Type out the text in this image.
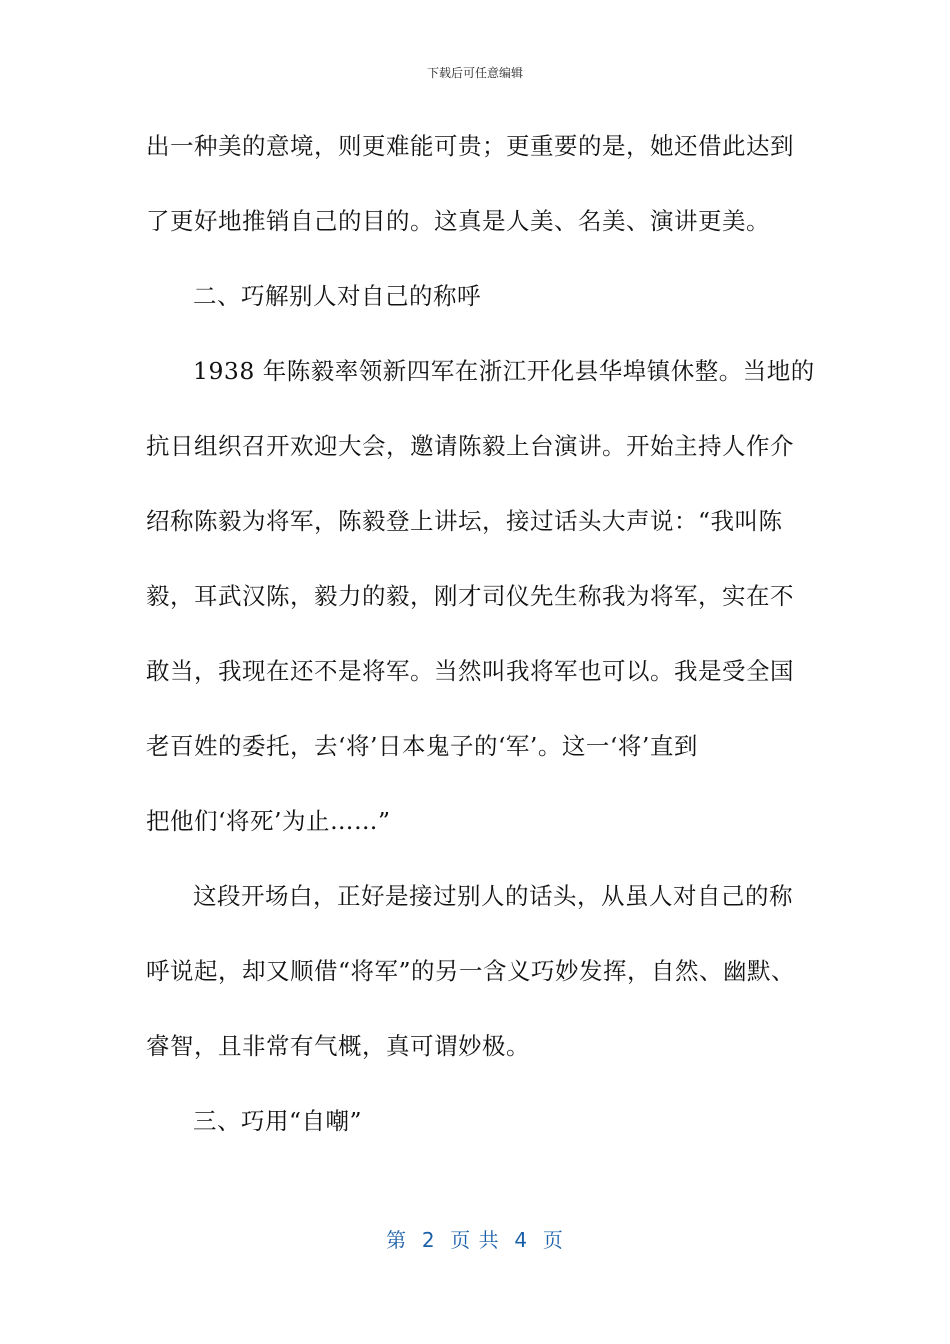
下载后可任意编辑
出一种美的意境，则更难能可贵；更重要的是，她还借此达到
了更好地推销自己的目的。这真是人美、名美、演讲更美。
二、巧解别人对自己的称呼
1938 年陈毅率领新四军在浙江开化县华埠镇休整。当地的
抗日组织召开欢迎大会，邀请陈毅上台演讲。开始主持人作介
绍称陈毅为将军，陈毅登上讲坛，接过话头大声说：“我叫陈
毅，耳武汉陈，毅力的毅，刚才司仪先生称我为将军，实在不
敢当，我现在还不是将军。当然叫我将军也可以。我是受全国
老百姓的委托，去‘将’日本鬼子的‘军’。这一‘将’直到
把他们‘将死’为止……”
这段开场白，正好是接过别人的话头，从虽人对自己的称
呼说起，却又顺借“将军”的另一含义巧妙发挥，自然、幽默、
睿智，且非常有气概，真可谓妙极。
三、巧用“自嘲”
第  2  页 共  4  页
